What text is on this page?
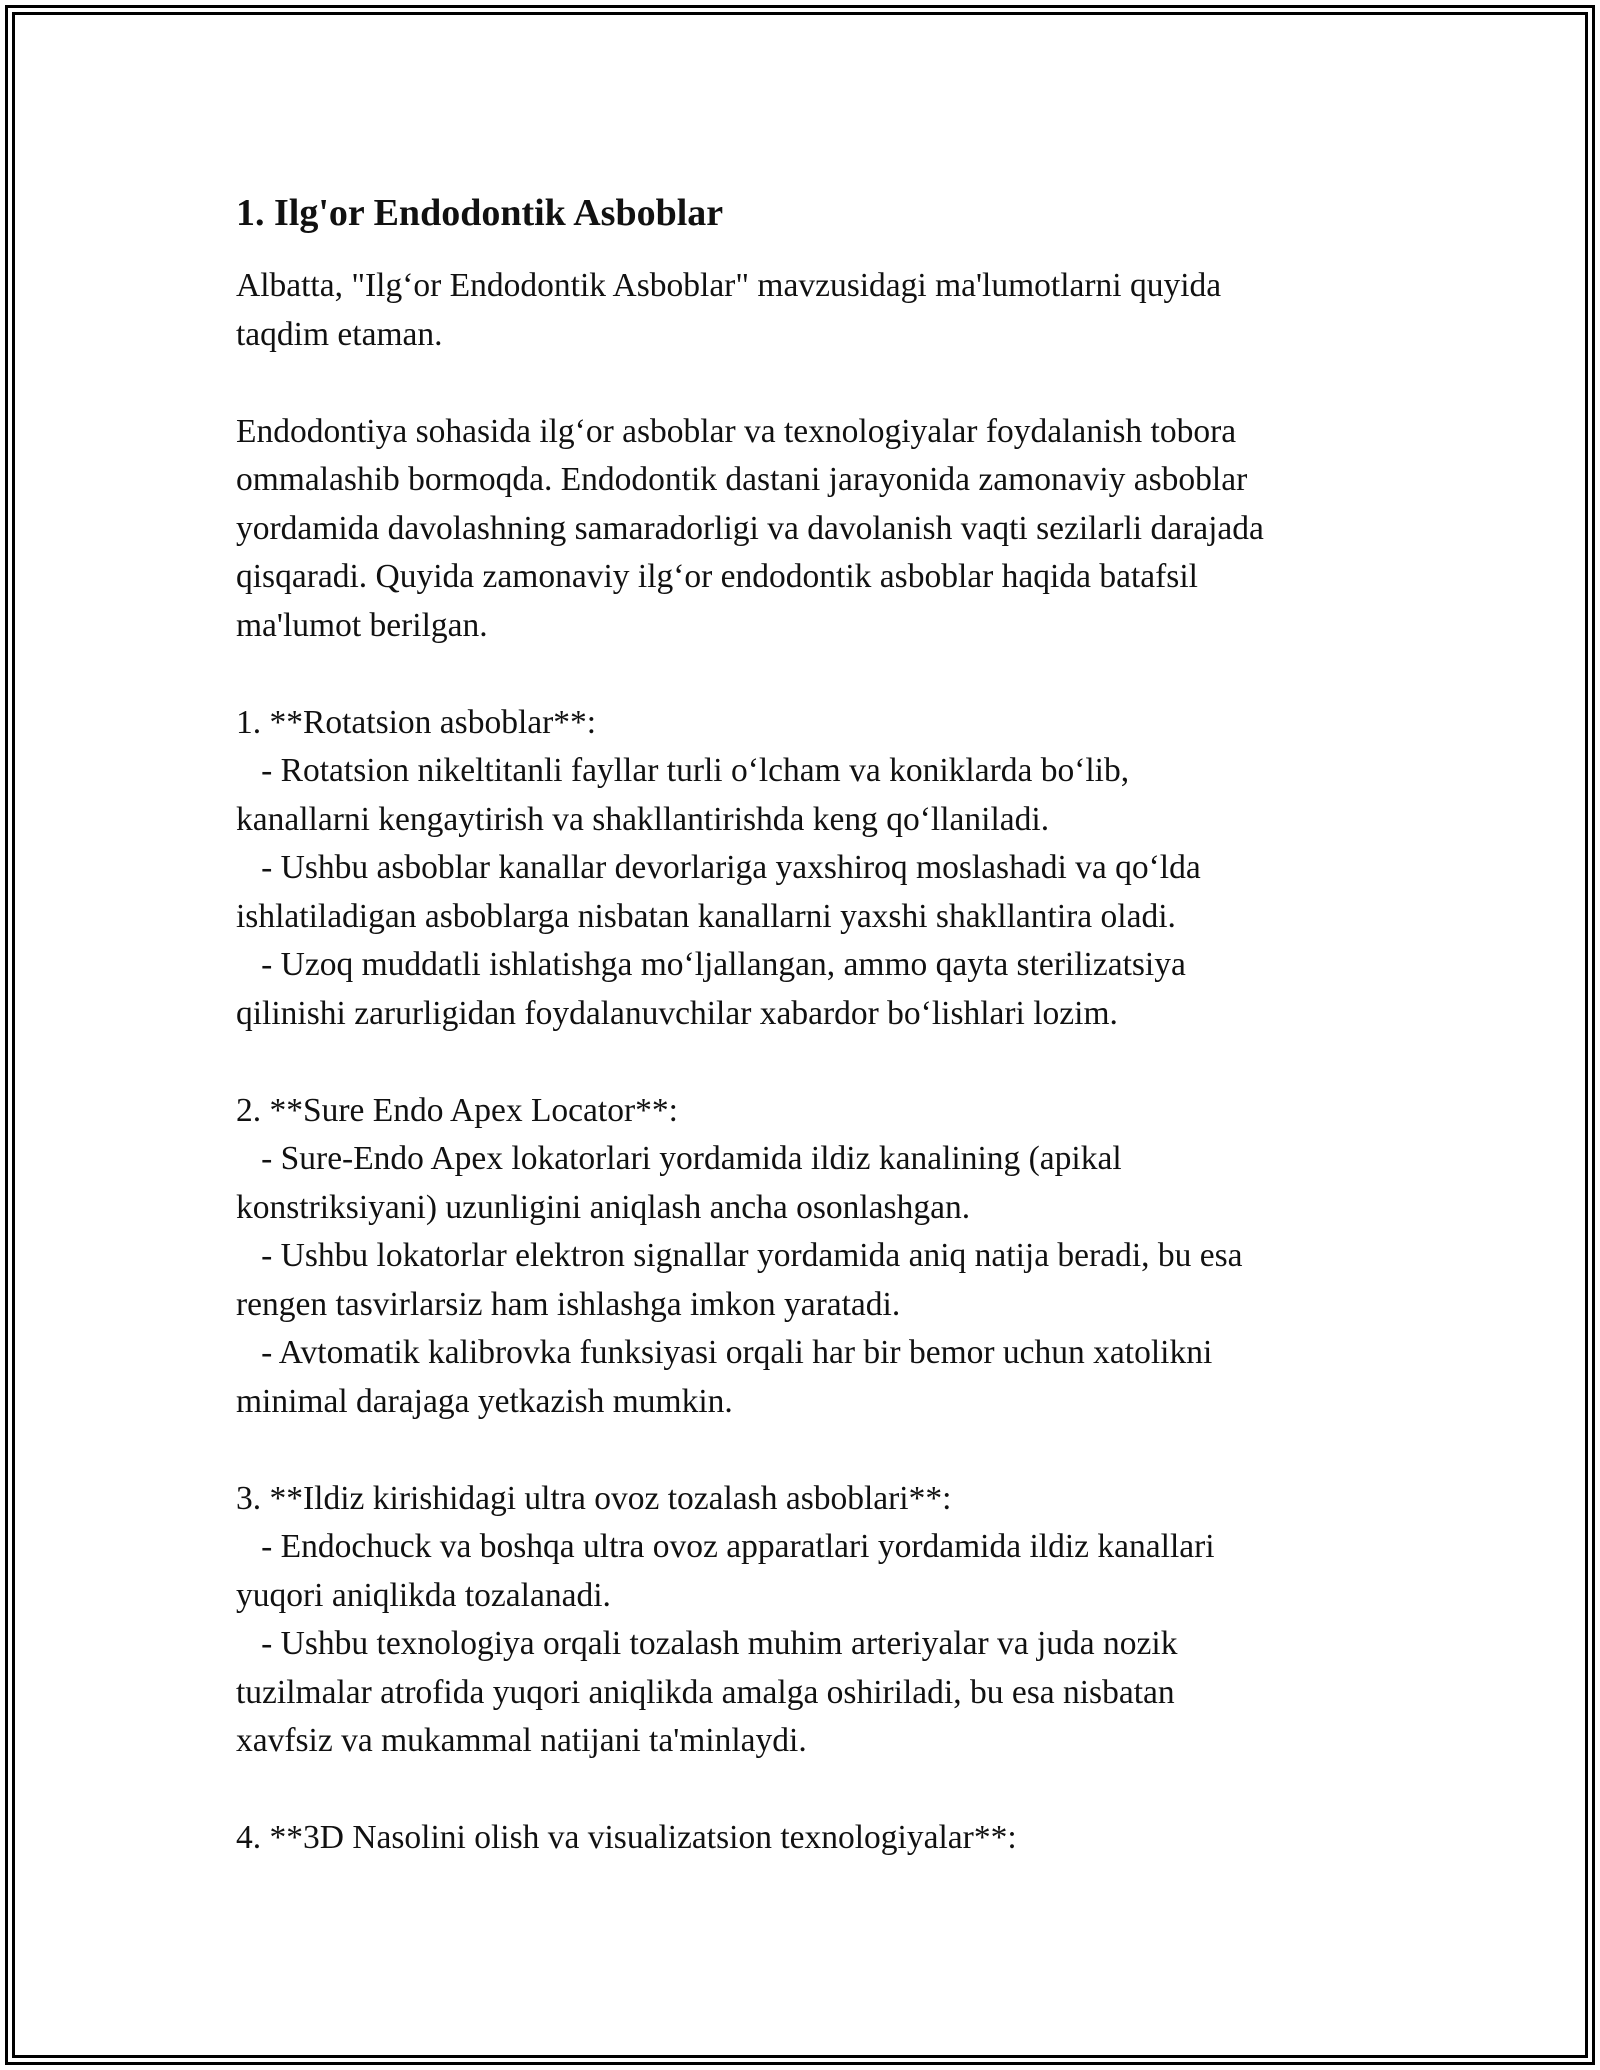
1. Ilg'or Endodontik Asboblar

Albatta, "Ilg‘or Endodontik Asboblar" mavzusidagi ma'lumotlarni quyida
taqdim etaman.

Endodontiya sohasida ilg‘or asboblar va texnologiyalar foydalanish tobora
ommalashib bormoqda. Endodontik dastani jarayonida zamonaviy asboblar
yordamida davolashning samaradorligi va davolanish vaqti sezilarli darajada
qisqaradi. Quyida zamonaviy ilg‘or endodontik asboblar haqida batafsil
ma'lumot berilgan.

1. **Rotatsion asboblar**:
- Rotatsion nikeltitanli fayllar turli o‘lcham va koniklarda bo‘lib,
kanallarni kengaytirish va shakllantirishda keng qo‘llaniladi.
- Ushbu asboblar kanallar devorlariga yaxshiroq moslashadi va qo‘lda
ishlatiladigan asboblarga nisbatan kanallarni yaxshi shakllantira oladi.
- Uzoq muddatli ishlatishga mo‘ljallangan, ammo qayta sterilizatsiya
qilinishi zarurligidan foydalanuvchilar xabardor bo‘lishlari lozim.

2. **Sure Endo Apex Locator**:
- Sure-Endo Apex lokatorlari yordamida ildiz kanalining (apikal
konstriksiyani) uzunligini aniqlash ancha osonlashgan.
- Ushbu lokatorlar elektron signallar yordamida aniq natija beradi, bu esa
rengen tasvirlarsiz ham ishlashga imkon yaratadi.
- Avtomatik kalibrovka funksiyasi orqali har bir bemor uchun xatolikni
minimal darajaga yetkazish mumkin.

3. **Ildiz kirishidagi ultra ovoz tozalash asboblari**:
- Endochuck va boshqa ultra ovoz apparatlari yordamida ildiz kanallari
yuqori aniqlikda tozalanadi.
- Ushbu texnologiya orqali tozalash muhim arteriyalar va juda nozik
tuzilmalar atrofida yuqori aniqlikda amalga oshiriladi, bu esa nisbatan
xavfsiz va mukammal natijani ta'minlaydi.

4. **3D Nasolini olish va visualizatsion texnologiyalar**:
